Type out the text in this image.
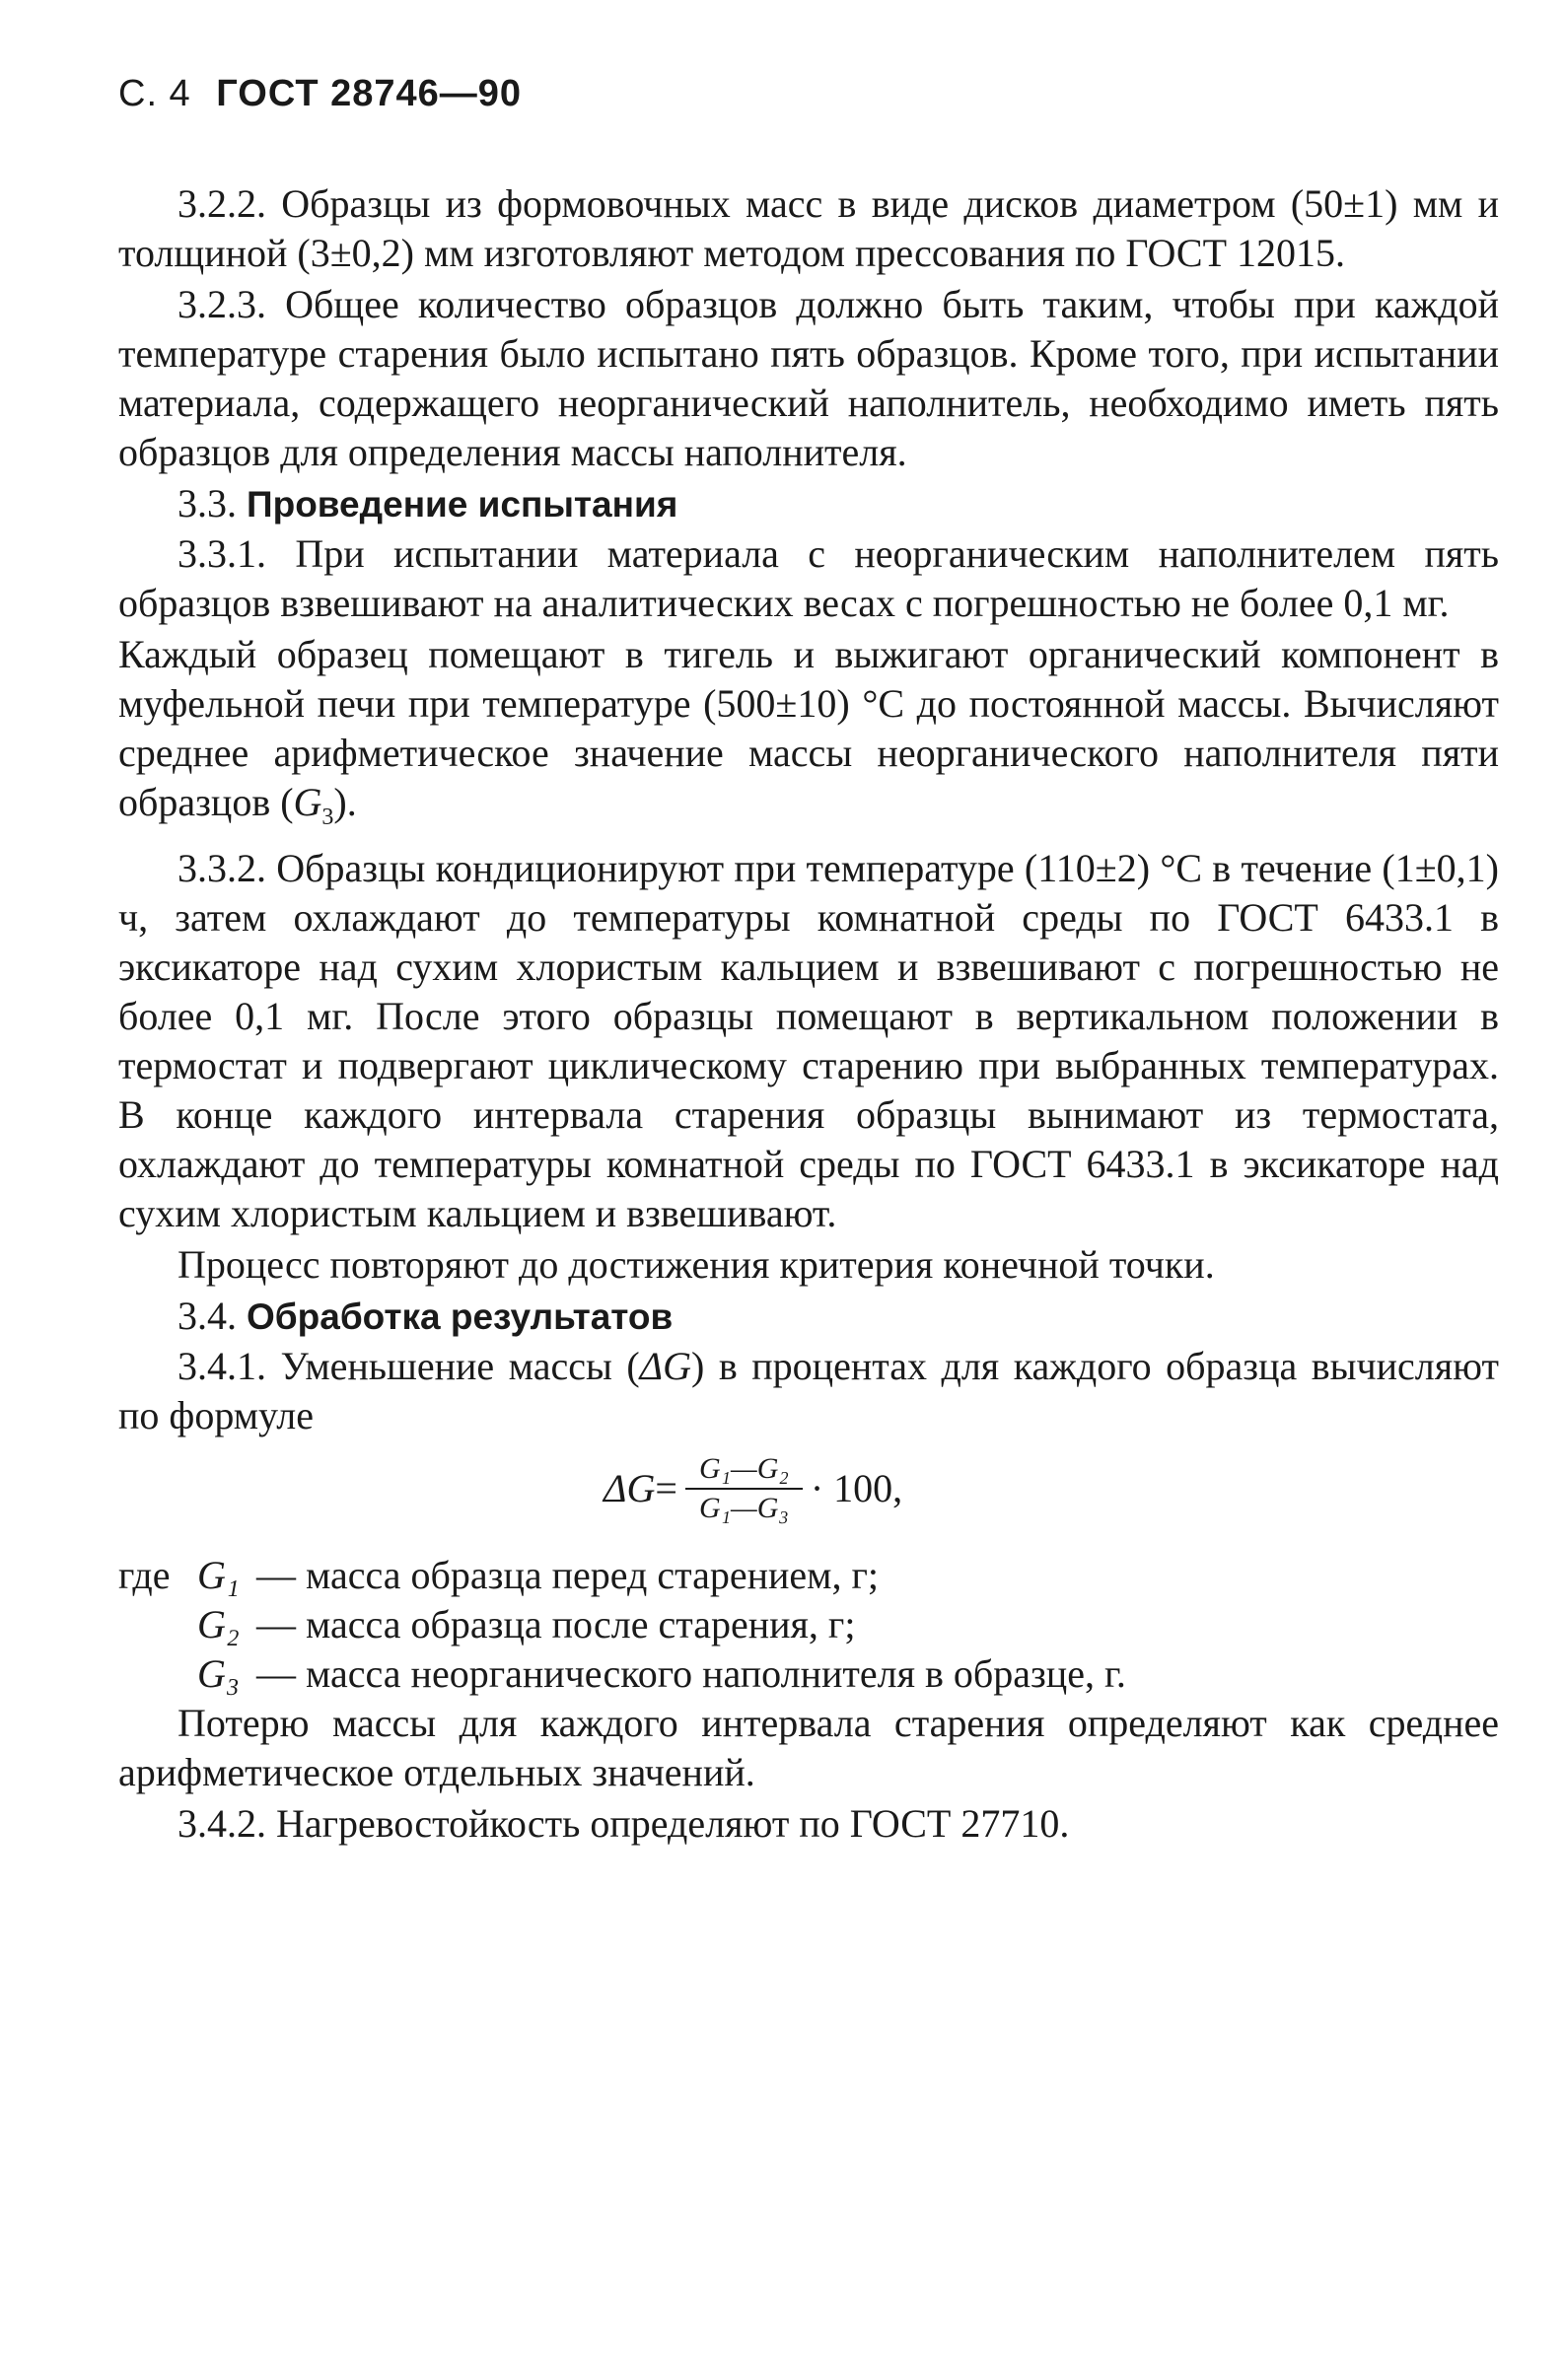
С. 4 ГОСТ 28746—90

3.2.2. Образцы из формовочных масс в виде дисков диаметром (50±1) мм и толщиной (3±0,2) мм изготовляют методом прессования по ГОСТ 12015.

3.2.3. Общее количество образцов должно быть таким, чтобы при каждой температуре старения было испытано пять образцов. Кроме того, при испытании материала, содержащего неорганический наполнитель, необходимо иметь пять образцов для определения массы наполнителя.

3.3. Проведение испытания

3.3.1. При испытании материала с неорганическим наполнителем пять образцов взвешивают на аналитических весах с погрешностью не более 0,1 мг.

Каждый образец помещают в тигель и выжигают органический компонент в муфельной печи при температуре (500±10) °С до постоянной массы. Вычисляют среднее арифметическое значение массы неорганического наполнителя пяти образцов $(G_3)$.

3.3.2. Образцы кондиционируют при температуре (110±2) °С в течение (1±0,1) ч, затем охлаждают до температуры комнатной среды по ГОСТ 6433.1 в эксикаторе над сухим хлористым кальцием и взвешивают с погрешностью не более 0,1 мг. После этого образцы помещают в вертикальном положении в термостат и подвергают циклическому старению при выбранных температурах. В конце каждого интервала старения образцы вынимают из термостата, охлаждают до температуры комнатной среды по ГОСТ 6433.1 в эксикаторе над сухим хлористым кальцием и взвешивают.

Процесс повторяют до достижения критерия конечной точки.

3.4. Обработка результатов

3.4.1. Уменьшение массы (ΔG) в процентах для каждого образца вычисляют по формуле

$\Delta G = \frac{\text{G₁—G₂}}{\text{G₁—G₃}} \cdot 100$,
где G₁ — масса образца перед старением, г;
G₂ — масса образца после старения, г;
G₃ — масса неорганического наполнителя в образце, г.

Потерю массы для каждого интервала старения определяют как среднее арифметическое отдельных значений.

3.4.2. Нагревостойкость определяют по ГОСТ 27710.
